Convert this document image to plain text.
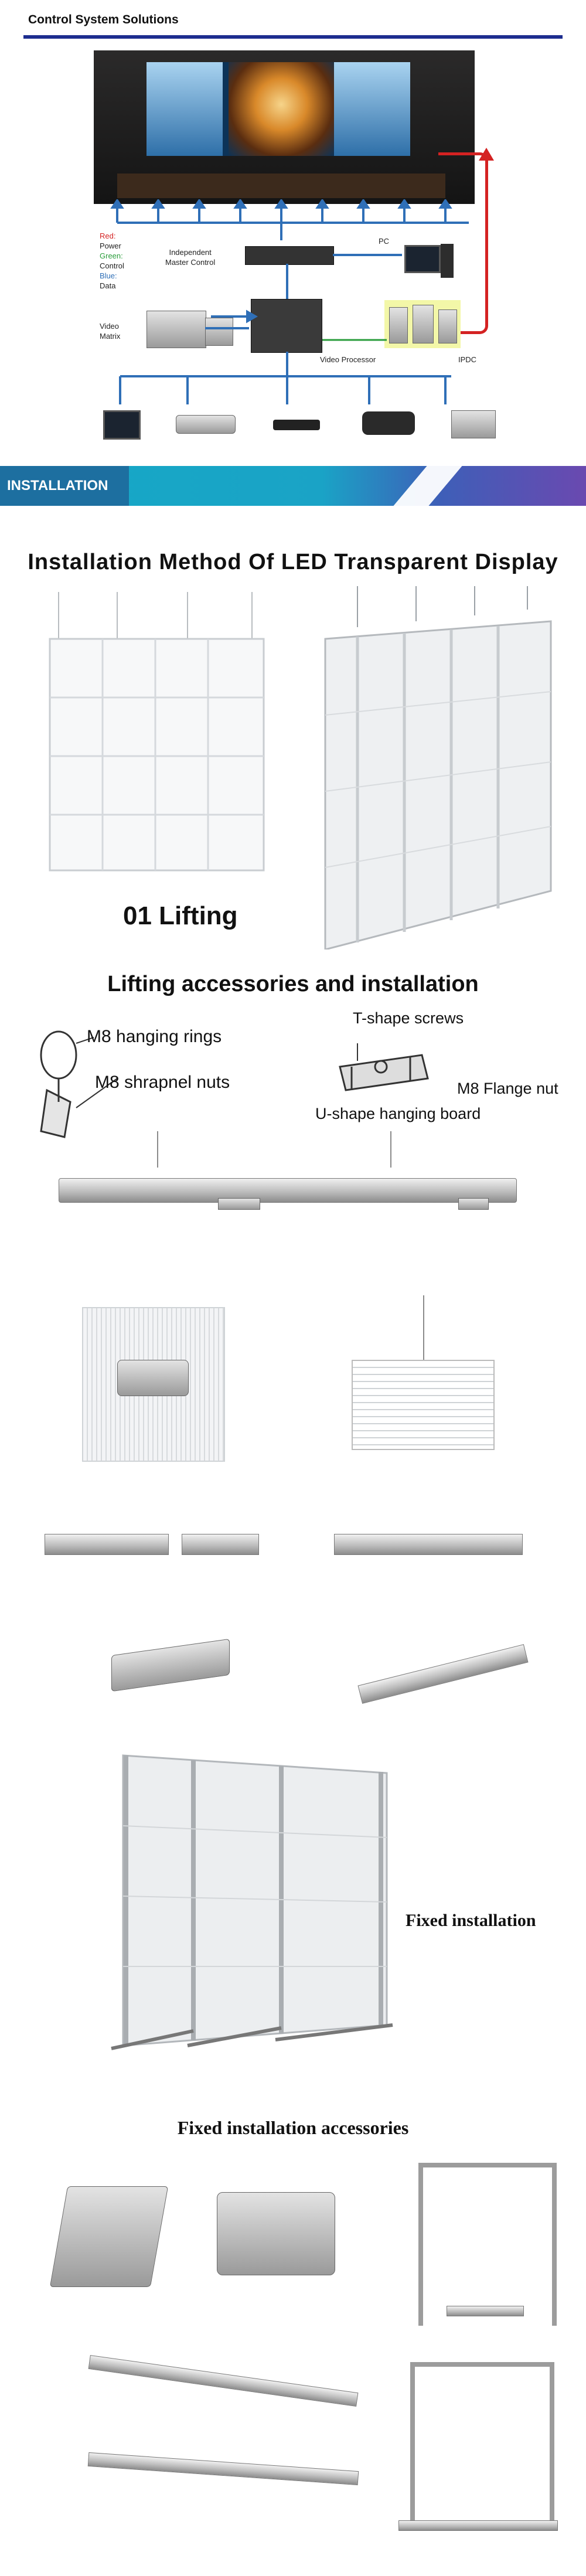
Control System Solutions
Red:
Power
Green:
Control
Blue:
Data
Independent
Master Control
PC
Video
Matrix
Video Processor	IPDC
INSTALLATION
Installation Method Of LED Transparent Display
01 Lifting
Lifting accessories and installation
M8 hanging rings
M8 shrapnel nuts
T-shape screws
M8 Flange nut
U-shape hanging board
Fixed installation
Fixed installation accessories
